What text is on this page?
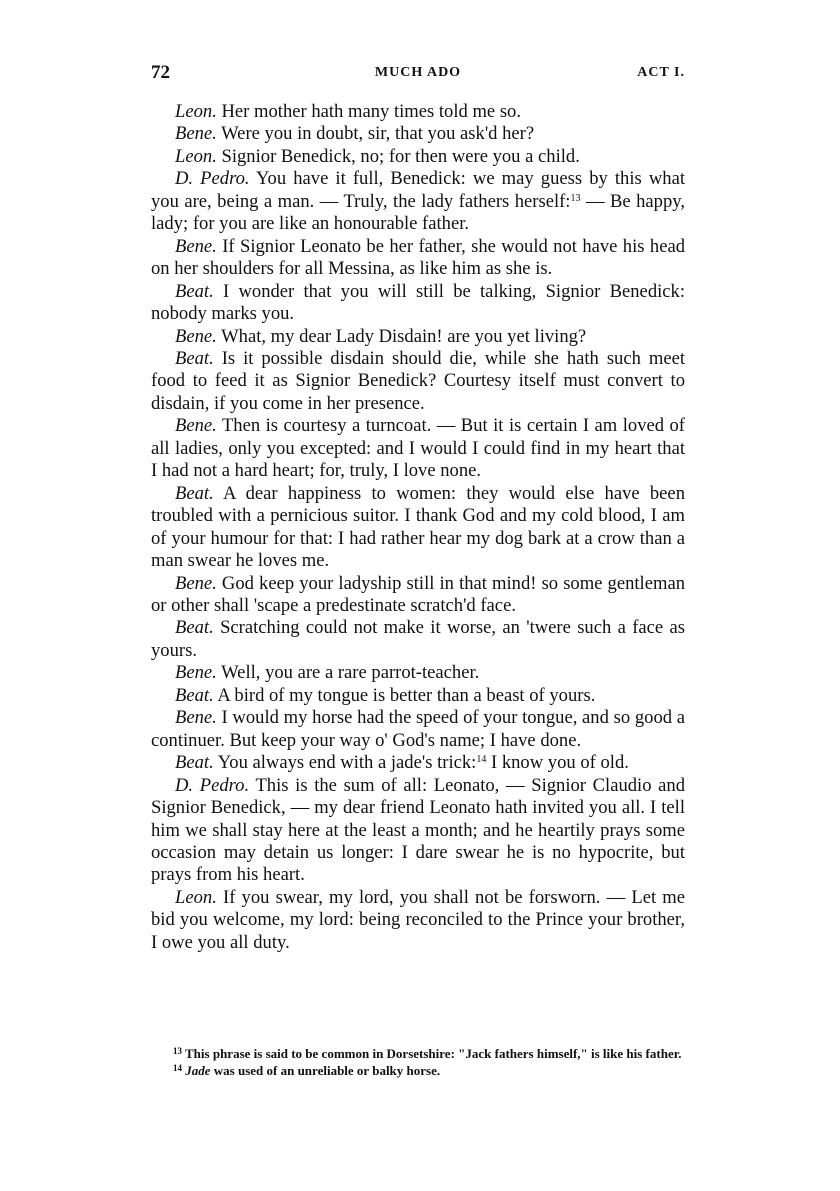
72	MUCH ADO	ACT I.

Leon. Her mother hath many times told me so.

Bene. Were you in doubt, sir, that you ask'd her?

Leon. Signior Benedick, no; for then were you a child.

D. Pedro. You have it full, Benedick: we may guess by this what you are, being a man. — Truly, the lady fathers herself:$^{13}$ — Be happy, lady; for you are like an honourable father.

Bene. If Signior Leonato be her father, she would not have his head on her shoulders for all Messina, as like him as she is.

Beat. I wonder that you will still be talking, Signior Benedick: nobody marks you.

Bene. What, my dear Lady Disdain! are you yet living?

Beat. Is it possible disdain should die, while she hath such meet food to feed it as Signior Benedick? Courtesy itself must convert to disdain, if you come in her presence.

Bene. Then is courtesy a turncoat. — But it is certain I am loved of all ladies, only you excepted: and I would I could find in my heart that I had not a hard heart; for, truly, I love none.

Beat. A dear happiness to women: they would else have been troubled with a pernicious suitor. I thank God and my cold blood, I am of your humour for that: I had rather hear my dog bark at a crow than a man swear he loves me.

Bene. God keep your ladyship still in that mind! so some gentleman or other shall 'scape a predestinate scratch'd face.

Beat. Scratching could not make it worse, an 'twere such a face as yours.

Bene. Well, you are a rare parrot-teacher.

Beat. A bird of my tongue is better than a beast of yours.

Bene. I would my horse had the speed of your tongue, and so good a continuer. But keep your way o' God's name; I have done.

Beat. You always end with a jade's trick:$^{14}$ I know you of old.

D. Pedro. This is the sum of all: Leonato, — Signior Claudio and Signior Benedick, — my dear friend Leonato hath invited you all. I tell him we shall stay here at the least a month; and he heartily prays some occasion may detain us longer: I dare swear he is no hypocrite, but prays from his heart.

Leon. If you swear, my lord, you shall not be forsworn. — Let me bid you welcome, my lord: being reconciled to the Prince your brother, I owe you all duty.

$^{13}$ This phrase is said to be common in Dorsetshire: "Jack fathers himself," is like his father.

$^{14}$ Jade was used of an unreliable or balky horse.
